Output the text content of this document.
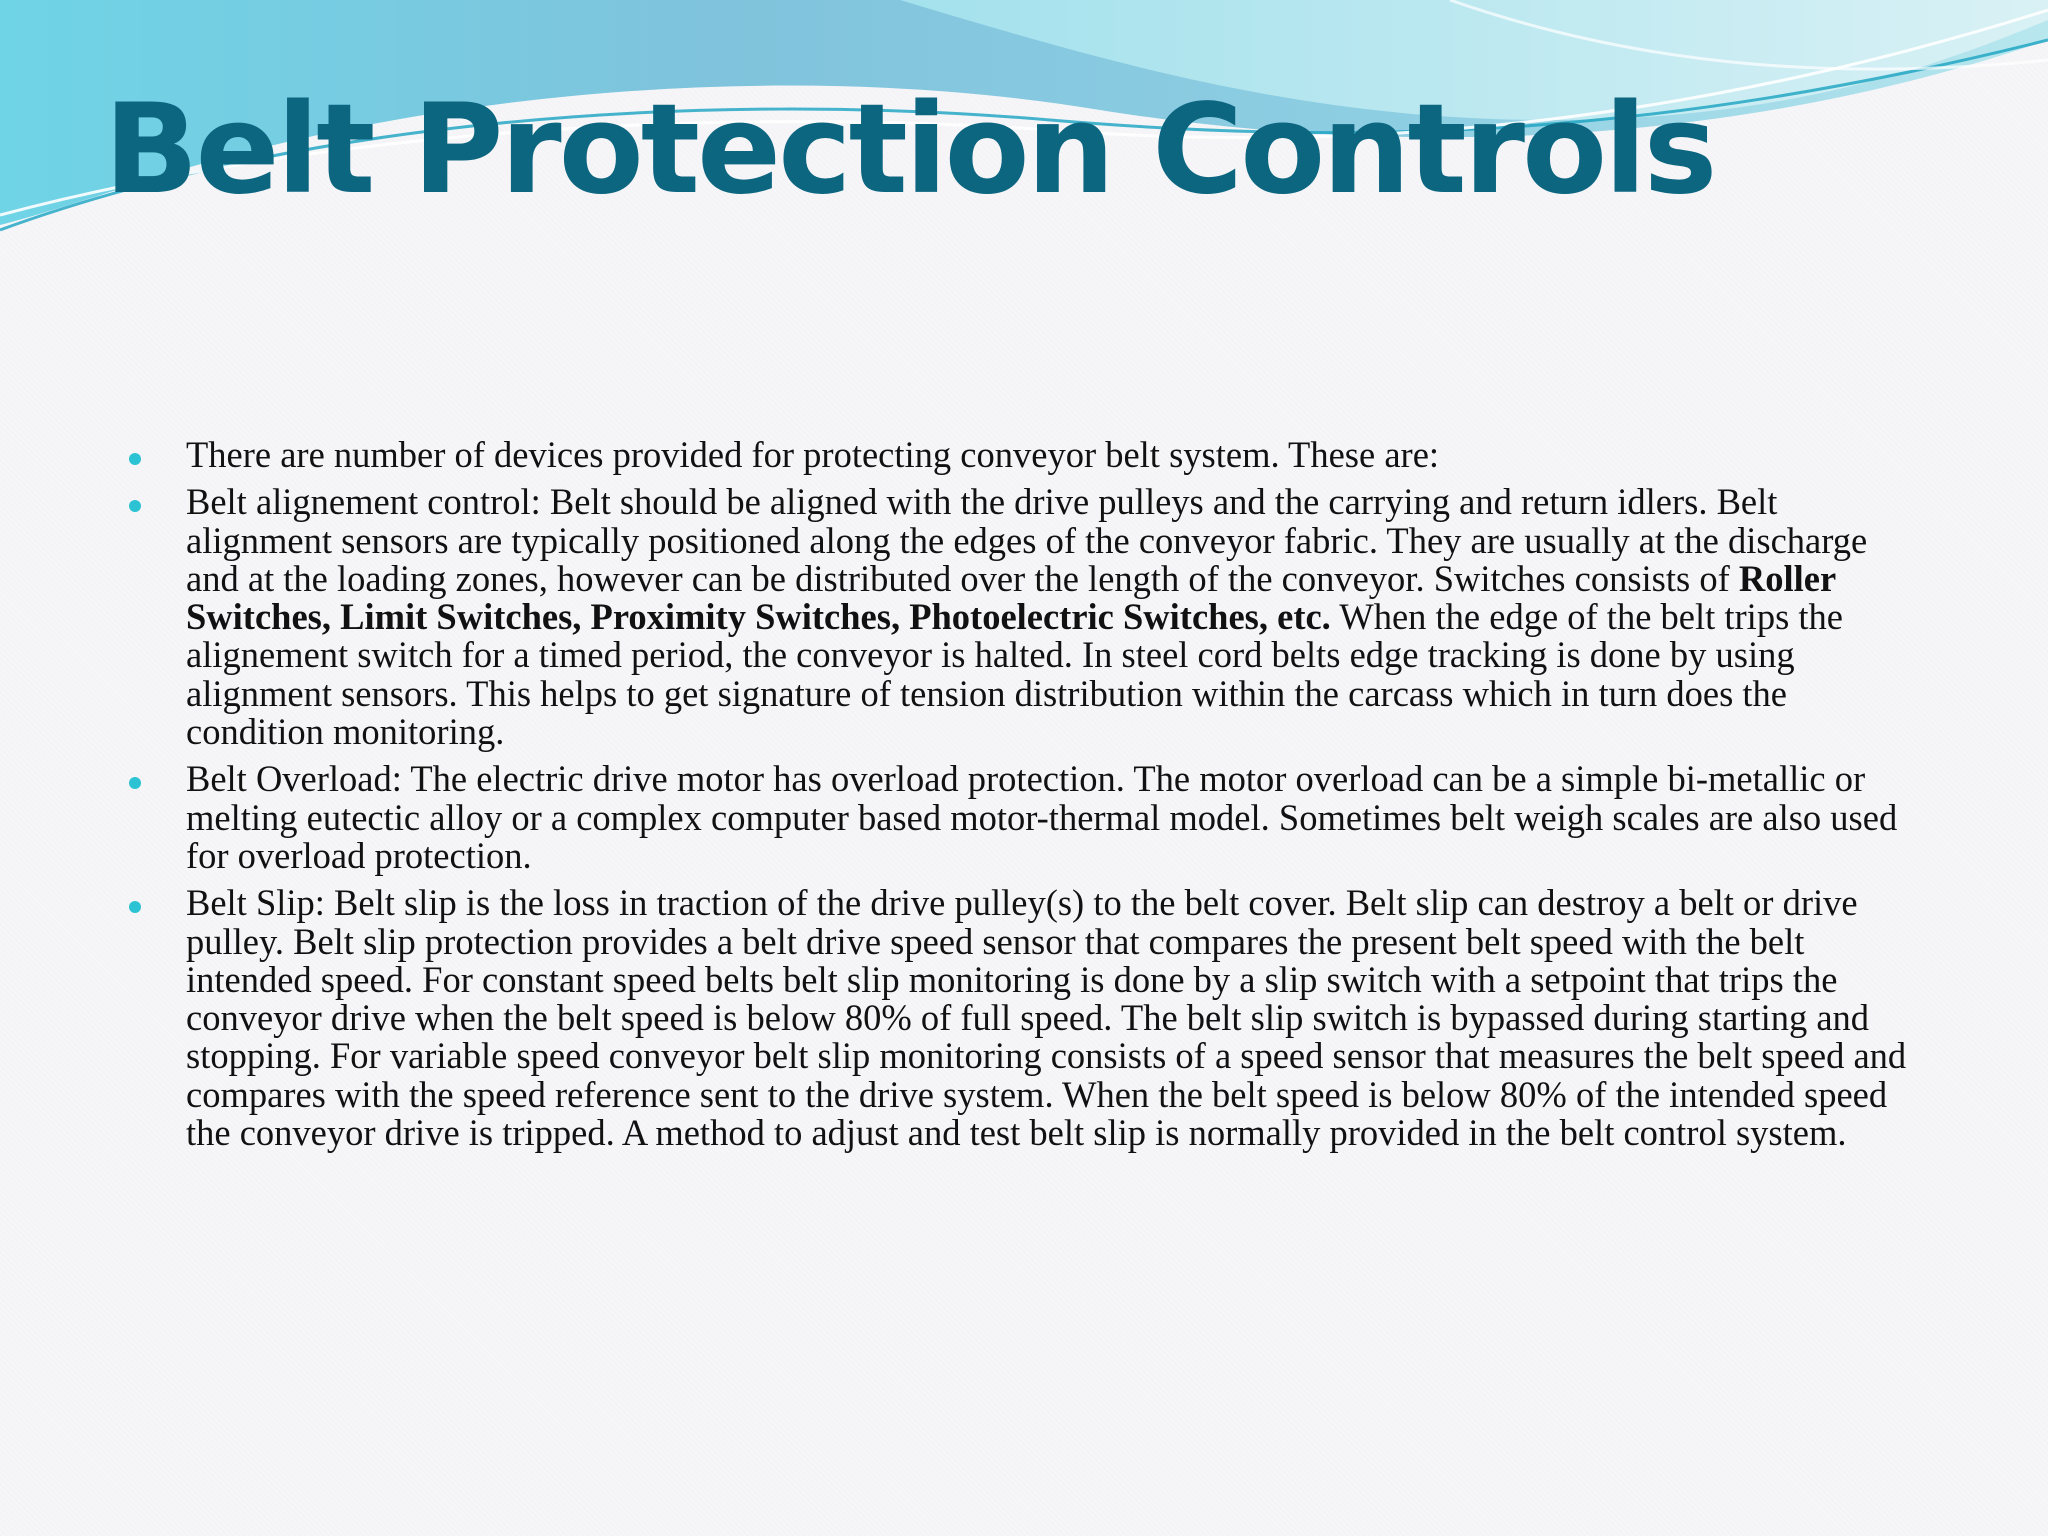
Belt Protection Controls
There are number of devices provided for protecting conveyor belt system. These are:
Belt alignement control: Belt should be aligned with the drive pulleys and the carrying and return idlers. Belt alignment sensors are typically positioned along the edges of the conveyor fabric. They are usually at the discharge and at the loading zones, however can be distributed over the length of the conveyor. Switches consists of Roller Switches, Limit Switches, Proximity Switches, Photoelectric Switches, etc. When the edge of the belt trips the alignement switch for a timed period, the conveyor is halted. In steel cord belts edge tracking is done by using alignment sensors. This helps to get signature of tension distribution within the carcass which in turn does the condition monitoring.
Belt Overload: The electric drive motor has overload protection. The motor overload can be a simple bi-metallic or melting eutectic alloy or a complex computer based motor-thermal model. Sometimes belt weigh scales are also used for overload protection.
Belt Slip: Belt slip is the loss in traction of the drive pulley(s) to the belt cover. Belt slip can destroy a belt or drive pulley. Belt slip protection provides a belt drive speed sensor that compares the present belt speed with the belt intended speed. For constant speed belts belt slip monitoring is done by a slip switch with a setpoint that trips the conveyor drive when the belt speed is below 80% of full speed. The belt slip switch is bypassed during starting and stopping. For variable speed conveyor belt slip monitoring consists of a speed sensor that measures the belt speed and compares with the speed reference sent to the drive system. When the belt speed is below 80% of the intended speed the conveyor drive is tripped. A method to adjust and test belt slip is normally provided in the belt control system.
